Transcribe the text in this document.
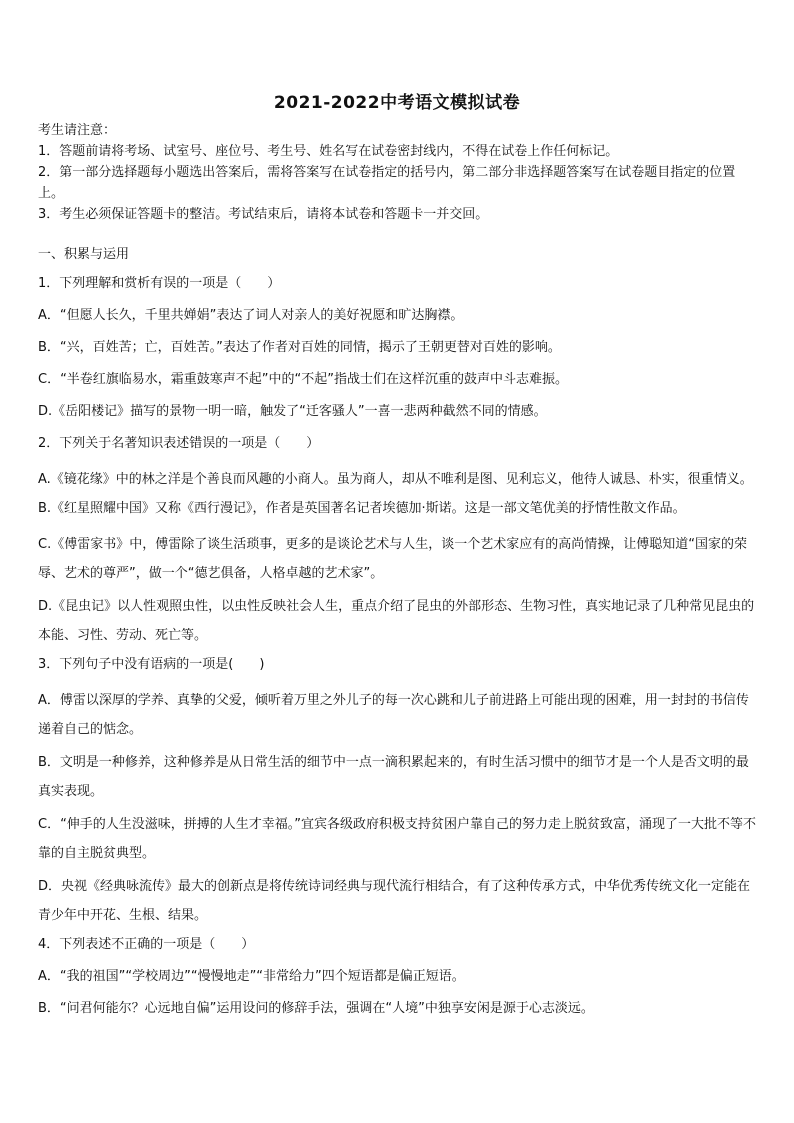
2021-2022中考语文模拟试卷
考生请注意：
1．答题前请将考场、试室号、座位号、考生号、姓名写在试卷密封线内，不得在试卷上作任何标记。
2．第一部分选择题每小题选出答案后，需将答案写在试卷指定的括号内，第二部分非选择题答案写在试卷题目指定的位置上。
3．考生必须保证答题卡的整洁。考试结束后，请将本试卷和答题卡一并交回。
一、积累与运用
1．下列理解和赏析有误的一项是（　　）
A．“但愿人长久，千里共婵娟”表达了词人对亲人的美好祝愿和旷达胸襟。
B．“兴，百姓苦；亡，百姓苦。”表达了作者对百姓的同情，揭示了王朝更替对百姓的影响。
C．“半卷红旗临易水，霜重鼓寒声不起”中的“不起”指战士们在这样沉重的鼓声中斗志难振。
D.《岳阳楼记》描写的景物一明一暗，触发了“迁客骚人”一喜一悲两种截然不同的情感。
2．下列关于名著知识表述错误的一项是（　　）
A.《镜花缘》中的林之洋是个善良而风趣的小商人。虽为商人，却从不唯利是图、见利忘义，他待人诚恳、朴实，很重情义。
B.《红星照耀中国》又称《西行漫记》，作者是英国著名记者埃德加·斯诺。这是一部文笔优美的抒情性散文作品。
C.《傅雷家书》中，傅雷除了谈生活琐事，更多的是谈论艺术与人生，谈一个艺术家应有的高尚情操，让傅聪知道“国家的荣辱、艺术的尊严”，做一个“德艺俱备，人格卓越的艺术家”。
D.《昆虫记》以人性观照虫性，以虫性反映社会人生，重点介绍了昆虫的外部形态、生物习性，真实地记录了几种常见昆虫的本能、习性、劳动、死亡等。
3．下列句子中没有语病的一项是(　　)
A．傅雷以深厚的学养、真挚的父爱，倾听着万里之外儿子的每一次心跳和儿子前进路上可能出现的困难，用一封封的书信传递着自己的惦念。
B．文明是一种修养，这种修养是从日常生活的细节中一点一滴积累起来的，有时生活习惯中的细节才是一个人是否文明的最真实表现。
C．“伸手的人生没滋味，拼搏的人生才幸福。”宜宾各级政府积极支持贫困户靠自己的努力走上脱贫致富，涌现了一大批不等不靠的自主脱贫典型。
D．央视《经典咏流传》最大的创新点是将传统诗词经典与现代流行相结合，有了这种传承方式，中华优秀传统文化一定能在青少年中开花、生根、结果。
4．下列表述不正确的一项是（　　）
A．“我的祖国”“学校周边”“慢慢地走”“非常给力”四个短语都是偏正短语。
B．“问君何能尔？心远地自偏”运用设问的修辞手法，强调在“人境”中独享安闲是源于心志淡远。
